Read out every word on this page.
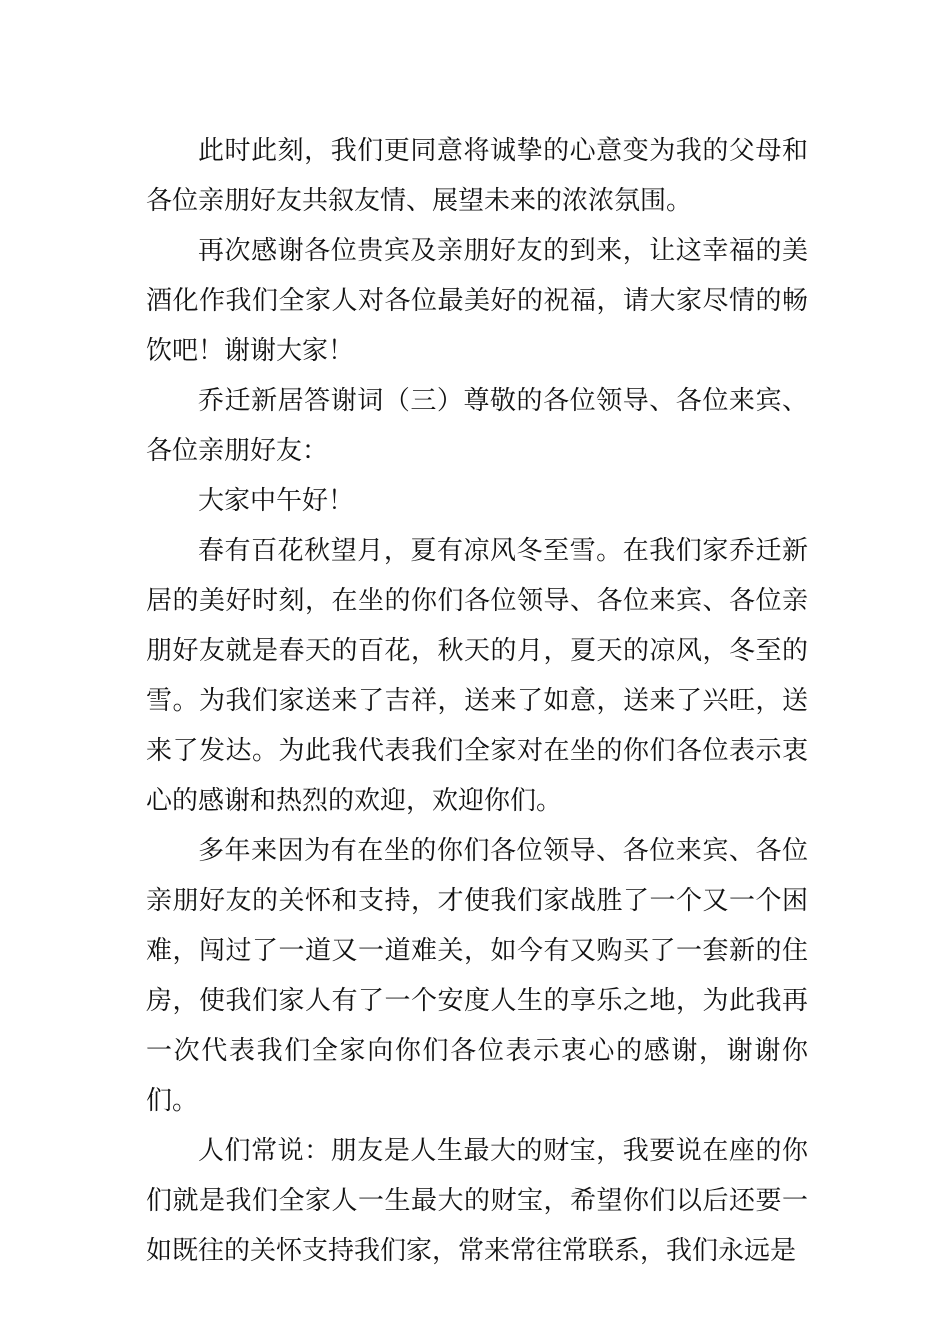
此时此刻，我们更同意将诚挚的心意变为我的父母和各位亲朋好友共叙友情、展望未来的浓浓氛围。

再次感谢各位贵宾及亲朋好友的到来，让这幸福的美酒化作我们全家人对各位最美好的祝福，请大家尽情的畅饮吧！谢谢大家！

乔迁新居答谢词（三）尊敬的各位领导、各位来宾、各位亲朋好友：

大家中午好！

春有百花秋望月，夏有凉风冬至雪。在我们家乔迁新居的美好时刻，在坐的你们各位领导、各位来宾、各位亲朋好友就是春天的百花，秋天的月，夏天的凉风，冬至的雪。为我们家送来了吉祥，送来了如意，送来了兴旺，送来了发达。为此我代表我们全家对在坐的你们各位表示衷心的感谢和热烈的欢迎，欢迎你们。

多年来因为有在坐的你们各位领导、各位来宾、各位亲朋好友的关怀和支持，才使我们家战胜了一个又一个困难，闯过了一道又一道难关，如今有又购买了一套新的住房，使我们家人有了一个安度人生的享乐之地，为此我再一次代表我们全家向你们各位表示衷心的感谢，谢谢你们。

人们常说：朋友是人生最大的财宝，我要说在座的你们就是我们全家人一生最大的财宝，希望你们以后还要一如既往的关怀支持我们家，常来常往常联系，我们永远是
